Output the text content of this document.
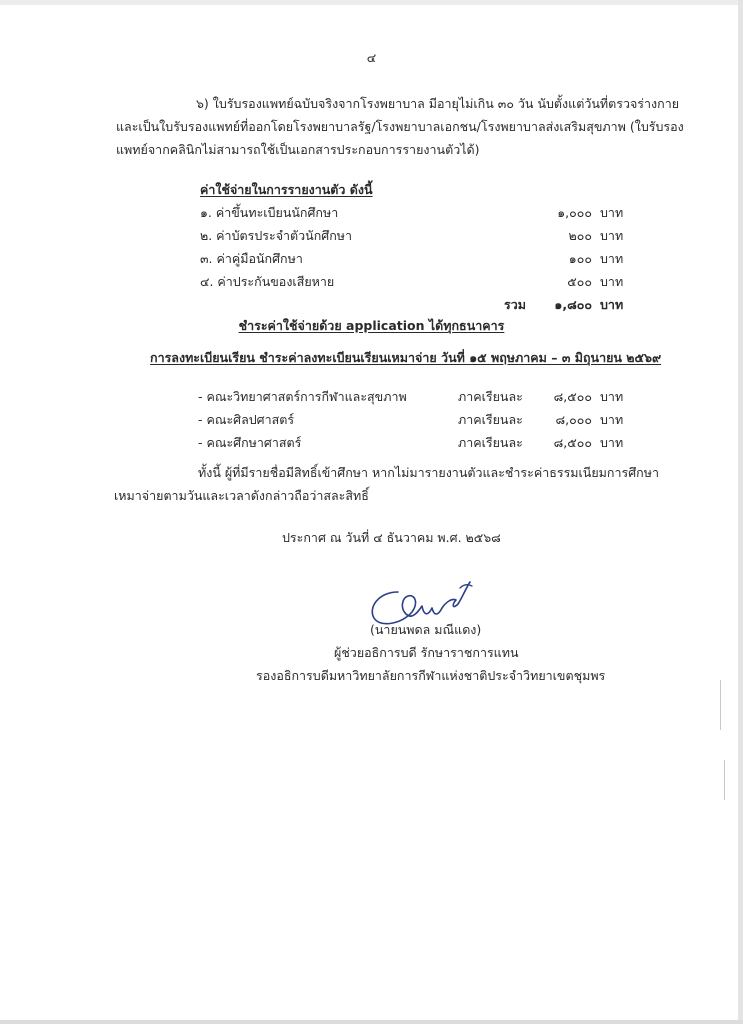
๔
๖) ใบรับรองแพทย์ฉบับจริงจากโรงพยาบาล มีอายุไม่เกิน ๓๐ วัน นับตั้งแต่วันที่ตรวจร่างกาย
และเป็นใบรับรองแพทย์ที่ออกโดยโรงพยาบาลรัฐ/โรงพยาบาลเอกชน/โรงพยาบาลส่งเสริมสุขภาพ (ใบรับรอง
แพทย์จากคลินิกไม่สามารถใช้เป็นเอกสารประกอบการรายงานตัวได้)
ค่าใช้จ่ายในการรายงานตัว ดังนี้
๑. ค่าขึ้นทะเบียนนักศึกษา	๑,๐๐๐ บาท
๒. ค่าบัตรประจำตัวนักศึกษา	๒๐๐ บาท
๓. ค่าคู่มือนักศึกษา	๑๐๐ บาท
๔. ค่าประกันของเสียหาย	๕๐๐ บาท
รวม	๑,๘๐๐ บาท
ชำระค่าใช้จ่ายด้วย application ได้ทุกธนาคาร
การลงทะเบียนเรียน ชำระค่าลงทะเบียนเรียนเหมาจ่าย วันที่ ๑๕ พฤษภาคม – ๓ มิถุนายน ๒๕๖๙
- คณะวิทยาศาสตร์การกีฬาและสุขภาพ	ภาคเรียนละ	๘,๕๐๐ บาท
- คณะศิลปศาสตร์	ภาคเรียนละ	๘,๐๐๐ บาท
- คณะศึกษาศาสตร์	ภาคเรียนละ	๘,๕๐๐ บาท
ทั้งนี้ ผู้ที่มีรายชื่อมีสิทธิ์เข้าศึกษา หากไม่มารายงานตัวและชำระค่าธรรมเนียมการศึกษา
เหมาจ่ายตามวันและเวลาดังกล่าวถือว่าสละสิทธิ์
ประกาศ ณ วันที่ ๔ ธันวาคม พ.ศ. ๒๕๖๘
(นายนพดล มณีแดง)
ผู้ช่วยอธิการบดี รักษาราชการแทน
รองอธิการบดีมหาวิทยาลัยการกีฬาแห่งชาติประจำวิทยาเขตชุมพร
